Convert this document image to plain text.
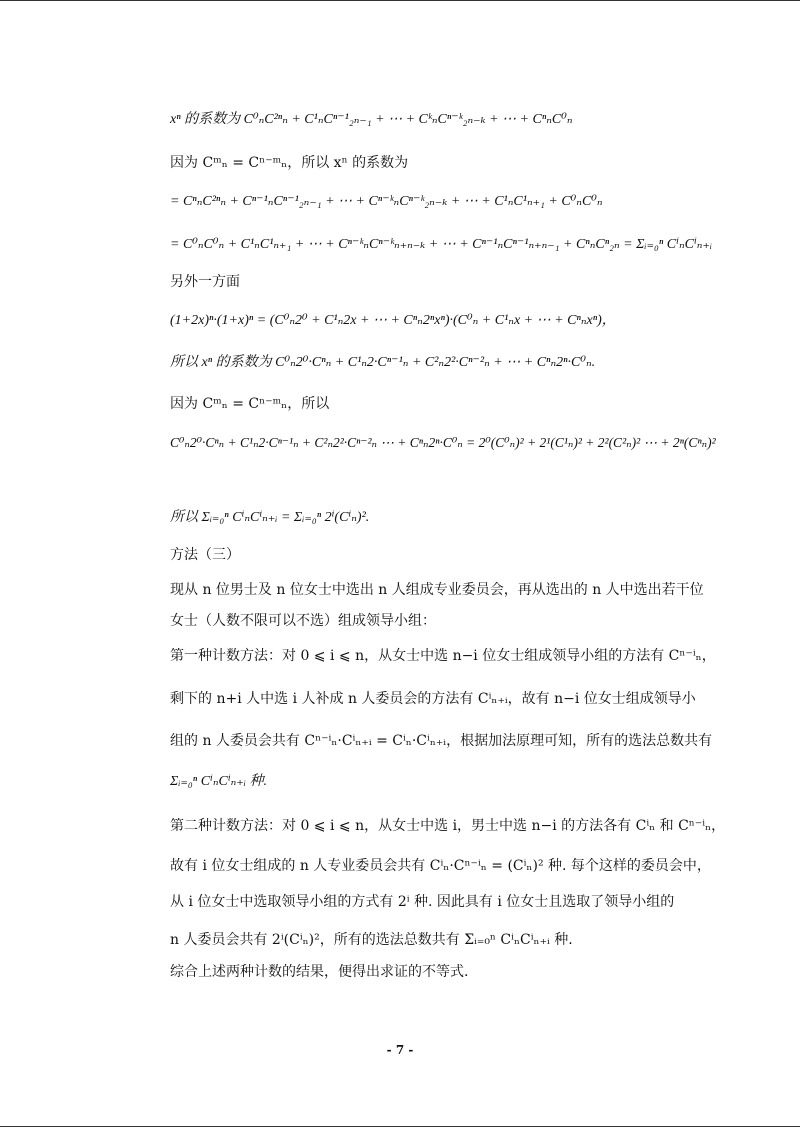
xⁿ 的系数为 C⁰ₙC²ⁿₙ + C¹ₙCⁿ⁻¹₂ₙ₋₁ + ⋯ + CᵏₙCⁿ⁻ᵏ₂ₙ₋ₖ + ⋯ + CⁿₙC⁰ₙ
因为 Cᵐₙ = Cⁿ⁻ᵐₙ，所以 xⁿ 的系数为
= CⁿₙC²ⁿₙ + Cⁿ⁻¹ₙCⁿ⁻¹₂ₙ₋₁ + ⋯ + Cⁿ⁻ᵏₙCⁿ⁻ᵏ₂ₙ₋ₖ + ⋯ + C¹ₙC¹ₙ₊₁ + C⁰ₙC⁰ₙ
= C⁰ₙC⁰ₙ + C¹ₙC¹ₙ₊₁ + ⋯ + Cⁿ⁻ᵏₙCⁿ⁻ᵏₙ₊ₙ₋ₖ + ⋯ + Cⁿ⁻¹ₙCⁿ⁻¹ₙ₊ₙ₋₁ + CⁿₙCⁿ₂ₙ = Σᵢ₌₀ⁿ CⁱₙCⁱₙ₊ᵢ
另外一方面
(1+2x)ⁿ·(1+x)ⁿ = (C⁰ₙ2⁰ + C¹ₙ2x + ⋯ + Cⁿₙ2ⁿxⁿ)·(C⁰ₙ + C¹ₙx + ⋯ + Cⁿₙxⁿ)，
所以 xⁿ 的系数为 C⁰ₙ2⁰·Cⁿₙ + C¹ₙ2·Cⁿ⁻¹ₙ + C²ₙ2²·Cⁿ⁻²ₙ + ⋯ + Cⁿₙ2ⁿ·C⁰ₙ.
因为 Cᵐₙ = Cⁿ⁻ᵐₙ，所以
C⁰ₙ2⁰·Cⁿₙ + C¹ₙ2·Cⁿ⁻¹ₙ + C²ₙ2²·Cⁿ⁻²ₙ ⋯ + Cⁿₙ2ⁿ·C⁰ₙ = 2⁰(C⁰ₙ)² + 2¹(C¹ₙ)² + 2²(C²ₙ)² ⋯ + 2ⁿ(Cⁿₙ)²
所以 Σᵢ₌₀ⁿ CⁱₙCⁱₙ₊ᵢ = Σᵢ₌₀ⁿ 2ⁱ(Cⁱₙ)².
方法（三）
现从 n 位男士及 n 位女士中选出 n 人组成专业委员会，再从选出的 n 人中选出若干位
女士（人数不限可以不选）组成领导小组：
第一种计数方法：对 0 ⩽ i ⩽ n，从女士中选 n−i 位女士组成领导小组的方法有 Cⁿ⁻ⁱₙ，
剩下的 n+i 人中选 i 人补成 n 人委员会的方法有 Cⁱₙ₊ᵢ，故有 n−i 位女士组成领导小
组的 n 人委员会共有 Cⁿ⁻ⁱₙ·Cⁱₙ₊ᵢ = Cⁱₙ·Cⁱₙ₊ᵢ，根据加法原理可知，所有的选法总数共有
Σᵢ₌₀ⁿ CⁱₙCⁱₙ₊ᵢ 种.
第二种计数方法：对 0 ⩽ i ⩽ n，从女士中选 i，男士中选 n−i 的方法各有 Cⁱₙ 和 Cⁿ⁻ⁱₙ，
故有 i 位女士组成的 n 人专业委员会共有 Cⁱₙ·Cⁿ⁻ⁱₙ = (Cⁱₙ)² 种. 每个这样的委员会中，
从 i 位女士中选取领导小组的方式有 2ⁱ 种. 因此具有 i 位女士且选取了领导小组的
n 人委员会共有 2ⁱ(Cⁱₙ)²，所有的选法总数共有 Σᵢ₌₀ⁿ CⁱₙCⁱₙ₊ᵢ 种.
综合上述两种计数的结果，便得出求证的不等式.
- 7 -
